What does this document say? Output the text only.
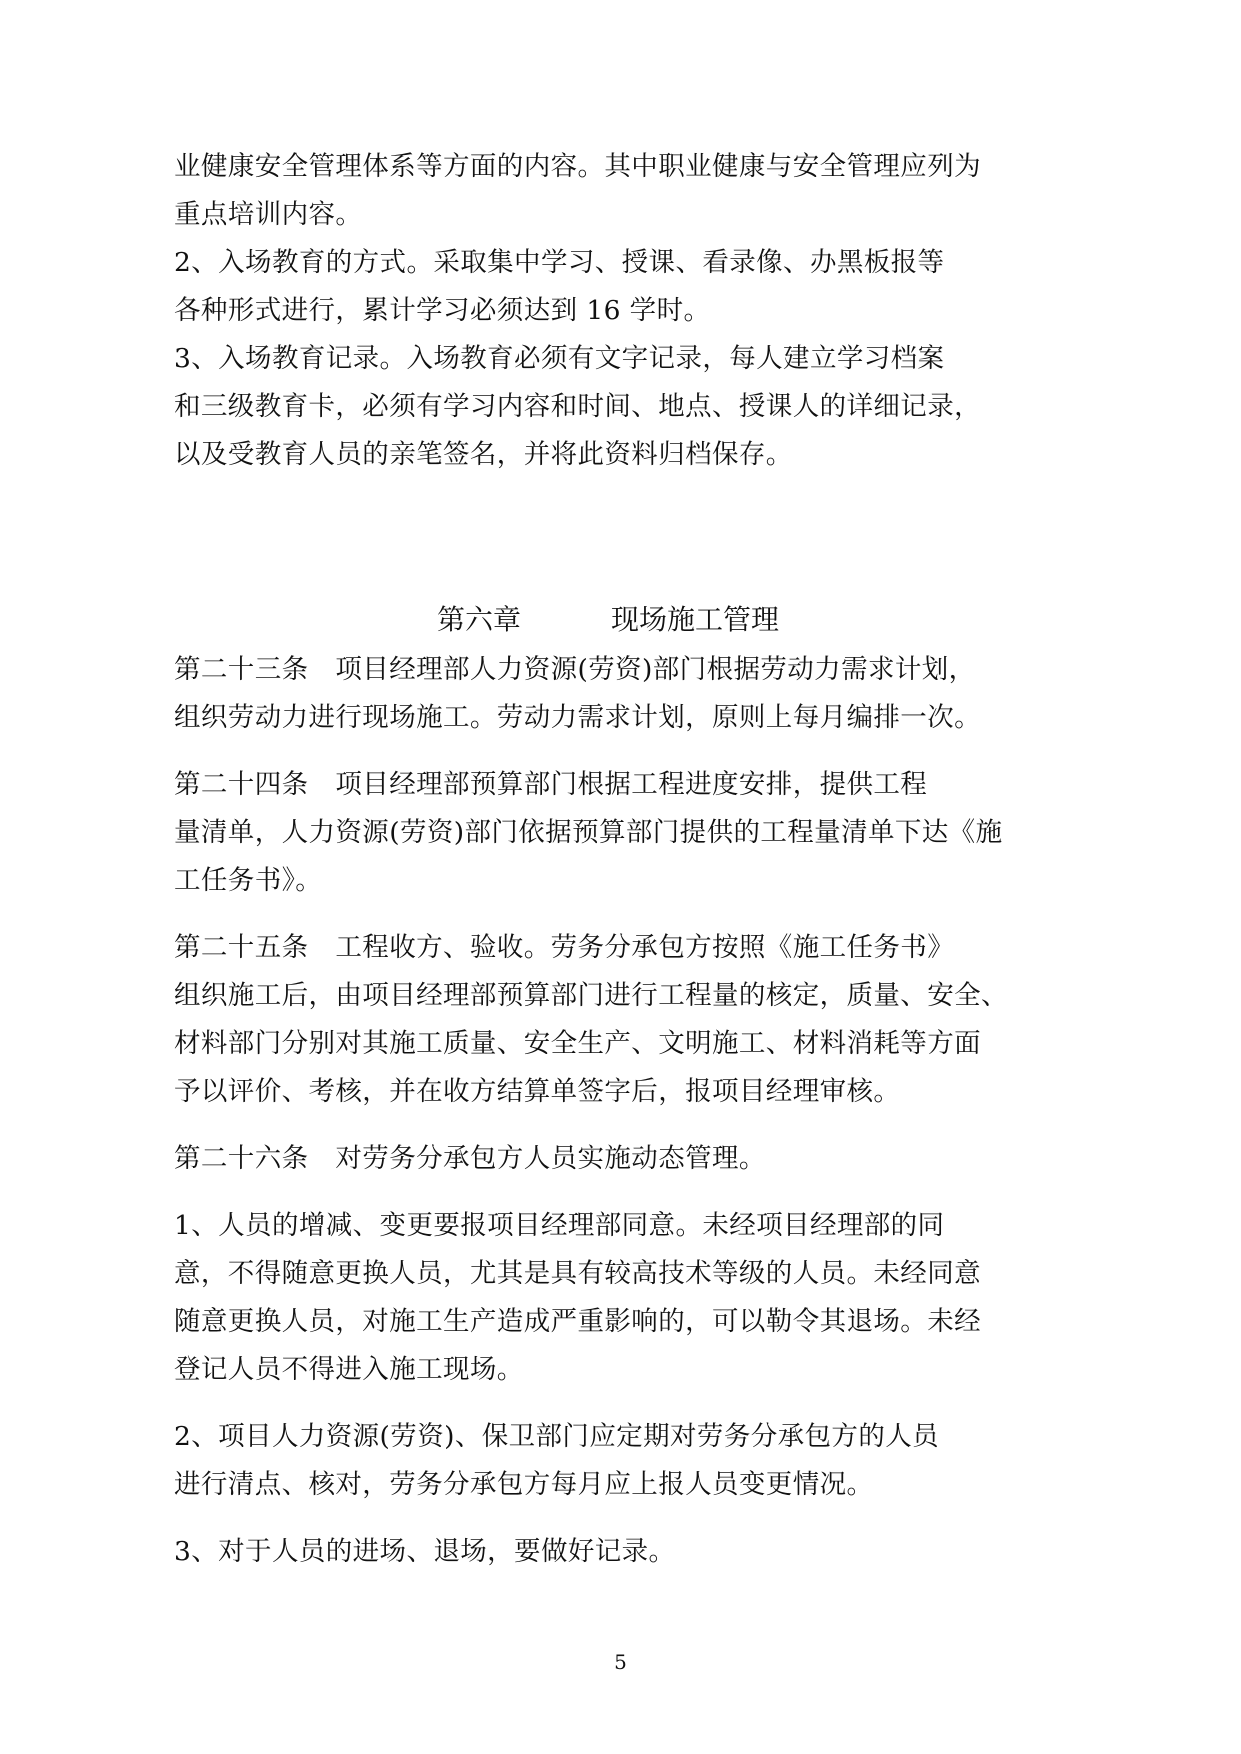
业健康安全管理体系等方面的内容。其中职业健康与安全管理应列为
重点培训内容。
2、入场教育的方式。采取集中学习、授课、看录像、办黑板报等
各种形式进行，累计学习必须达到 16 学时。
3、入场教育记录。入场教育必须有文字记录，每人建立学习档案
和三级教育卡，必须有学习内容和时间、地点、授课人的详细记录，
以及受教育人员的亲笔签名，并将此资料归档保存。
第六章	现场施工管理
第二十三条　项目经理部人力资源(劳资)部门根据劳动力需求计划，
组织劳动力进行现场施工。劳动力需求计划，原则上每月编排一次。
第二十四条　项目经理部预算部门根据工程进度安排，提供工程
量清单，人力资源(劳资)部门依据预算部门提供的工程量清单下达《施
工任务书》。
第二十五条　工程收方、验收。劳务分承包方按照《施工任务书》
组织施工后，由项目经理部预算部门进行工程量的核定，质量、安全、
材料部门分别对其施工质量、安全生产、文明施工、材料消耗等方面
予以评价、考核，并在收方结算单签字后，报项目经理审核。
第二十六条　对劳务分承包方人员实施动态管理。
1、人员的增减、变更要报项目经理部同意。未经项目经理部的同
意，不得随意更换人员，尤其是具有较高技术等级的人员。未经同意
随意更换人员，对施工生产造成严重影响的，可以勒令其退场。未经
登记人员不得进入施工现场。
2、项目人力资源(劳资)、保卫部门应定期对劳务分承包方的人员
进行清点、核对，劳务分承包方每月应上报人员变更情况。
3、对于人员的进场、退场，要做好记录。
5
